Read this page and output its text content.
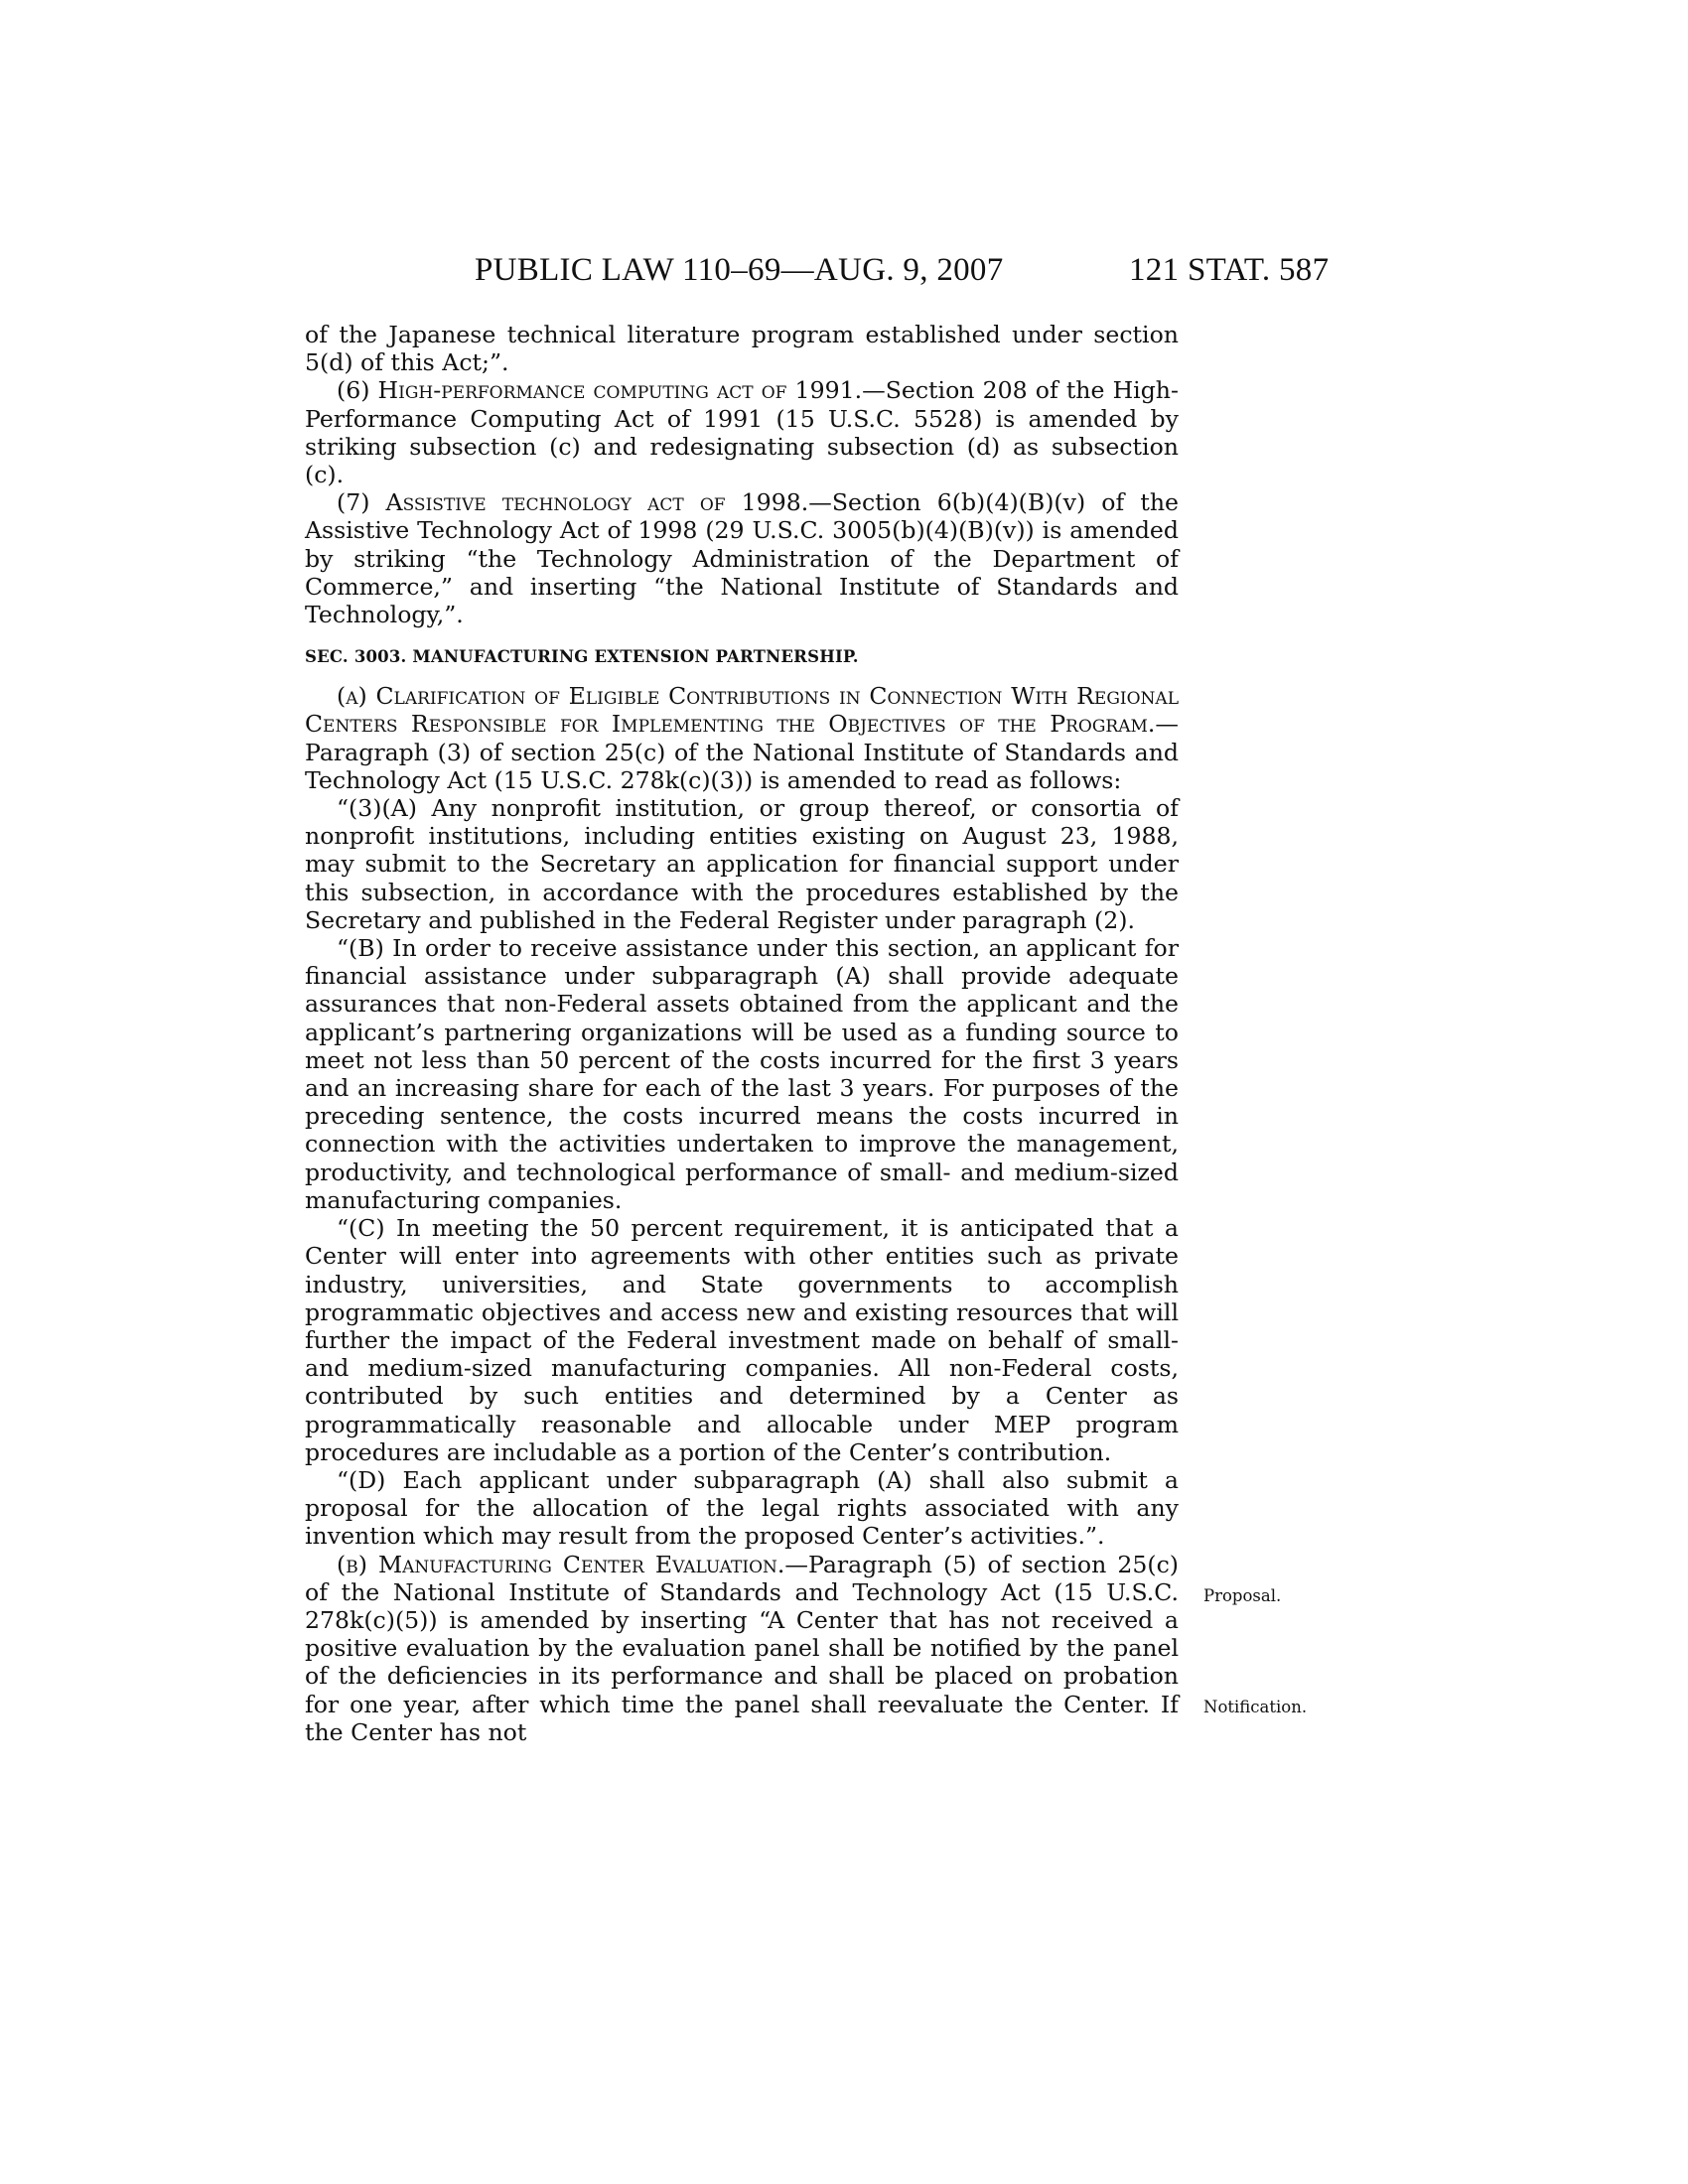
PUBLIC LAW 110–69—AUG. 9, 2007	121 STAT. 587

of the Japanese technical literature program established under section 5(d) of this Act;”.

(6) High-performance computing act of 1991.—Section 208 of the High-Performance Computing Act of 1991 (15 U.S.C. 5528) is amended by striking subsection (c) and redesignating subsection (d) as subsection (c).

(7) Assistive technology act of 1998.—Section 6(b)(4)(B)(v) of the Assistive Technology Act of 1998 (29 U.S.C. 3005(b)(4)(B)(v)) is amended by striking “the Technology Administration of the Department of Commerce,” and inserting “the National Institute of Standards and Technology,”.

SEC. 3003. MANUFACTURING EXTENSION PARTNERSHIP.

(a) Clarification of Eligible Contributions in Connection With Regional Centers Responsible for Implementing the Objectives of the Program.—Paragraph (3) of section 25(c) of the National Institute of Standards and Technology Act (15 U.S.C. 278k(c)(3)) is amended to read as follows:

“(3)(A) Any nonprofit institution, or group thereof, or consortia of nonprofit institutions, including entities existing on August 23, 1988, may submit to the Secretary an application for financial support under this subsection, in accordance with the procedures established by the Secretary and published in the Federal Register under paragraph (2).

“(B) In order to receive assistance under this section, an applicant for financial assistance under subparagraph (A) shall provide adequate assurances that non-Federal assets obtained from the applicant and the applicant’s partnering organizations will be used as a funding source to meet not less than 50 percent of the costs incurred for the first 3 years and an increasing share for each of the last 3 years. For purposes of the preceding sentence, the costs incurred means the costs incurred in connection with the activities undertaken to improve the management, productivity, and technological performance of small- and medium-sized manufacturing companies.

“(C) In meeting the 50 percent requirement, it is anticipated that a Center will enter into agreements with other entities such as private industry, universities, and State governments to accomplish programmatic objectives and access new and existing resources that will further the impact of the Federal investment made on behalf of small- and medium-sized manufacturing companies. All non-Federal costs, contributed by such entities and determined by a Center as programmatically reasonable and allocable under MEP program procedures are includable as a portion of the Center’s contribution.

“(D) Each applicant under subparagraph (A) shall also submit a proposal for the allocation of the legal rights associated with any invention which may result from the proposed Center’s activities.”.

(b) Manufacturing Center Evaluation.—Paragraph (5) of section 25(c) of the National Institute of Standards and Technology Act (15 U.S.C. 278k(c)(5)) is amended by inserting “A Center that has not received a positive evaluation by the evaluation panel shall be notified by the panel of the deficiencies in its performance and shall be placed on probation for one year, after which time the panel shall reevaluate the Center. If the Center has not

Proposal.
Notification.
